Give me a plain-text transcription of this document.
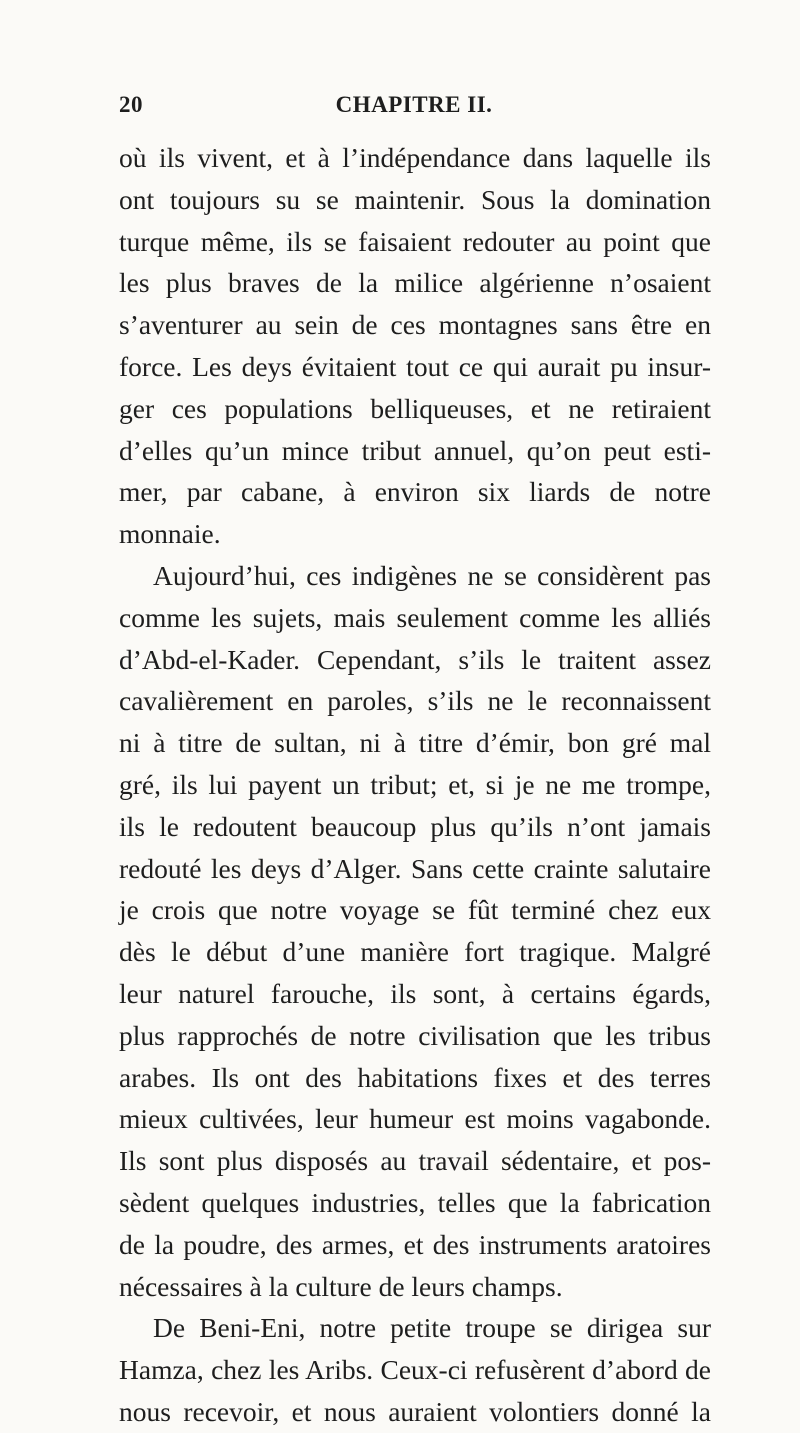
20	CHAPITRE II.
où ils vivent, et à l’indépendance dans laquelle ils
ont toujours su se maintenir. Sous la domination
turque même, ils se faisaient redouter au point que
les plus braves de la milice algérienne n’osaient
s’aventurer au sein de ces montagnes sans être en
force. Les deys évitaient tout ce qui aurait pu insur-
ger ces populations belliqueuses, et ne retiraient
d’elles qu’un mince tribut annuel, qu’on peut esti-
mer, par cabane, à environ six liards de notre
monnaie.
Aujourd’hui, ces indigènes ne se considèrent pas
comme les sujets, mais seulement comme les alliés
d’Abd-el-Kader. Cependant, s’ils le traitent assez
cavalièrement en paroles, s’ils ne le reconnaissent
ni à titre de sultan, ni à titre d’émir, bon gré mal
gré, ils lui payent un tribut; et, si je ne me trompe,
ils le redoutent beaucoup plus qu’ils n’ont jamais
redouté les deys d’Alger. Sans cette crainte salutaire
je crois que notre voyage se fût terminé chez eux
dès le début d’une manière fort tragique. Malgré
leur naturel farouche, ils sont, à certains égards,
plus rapprochés de notre civilisation que les tribus
arabes. Ils ont des habitations fixes et des terres
mieux cultivées, leur humeur est moins vagabonde.
Ils sont plus disposés au travail sédentaire, et pos-
sèdent quelques industries, telles que la fabrication
de la poudre, des armes, et des instruments aratoires
nécessaires à la culture de leurs champs.
De Beni-Eni, notre petite troupe se dirigea sur
Hamza, chez les Aribs. Ceux-ci refusèrent d’abord de
nous recevoir, et nous auraient volontiers donné la
